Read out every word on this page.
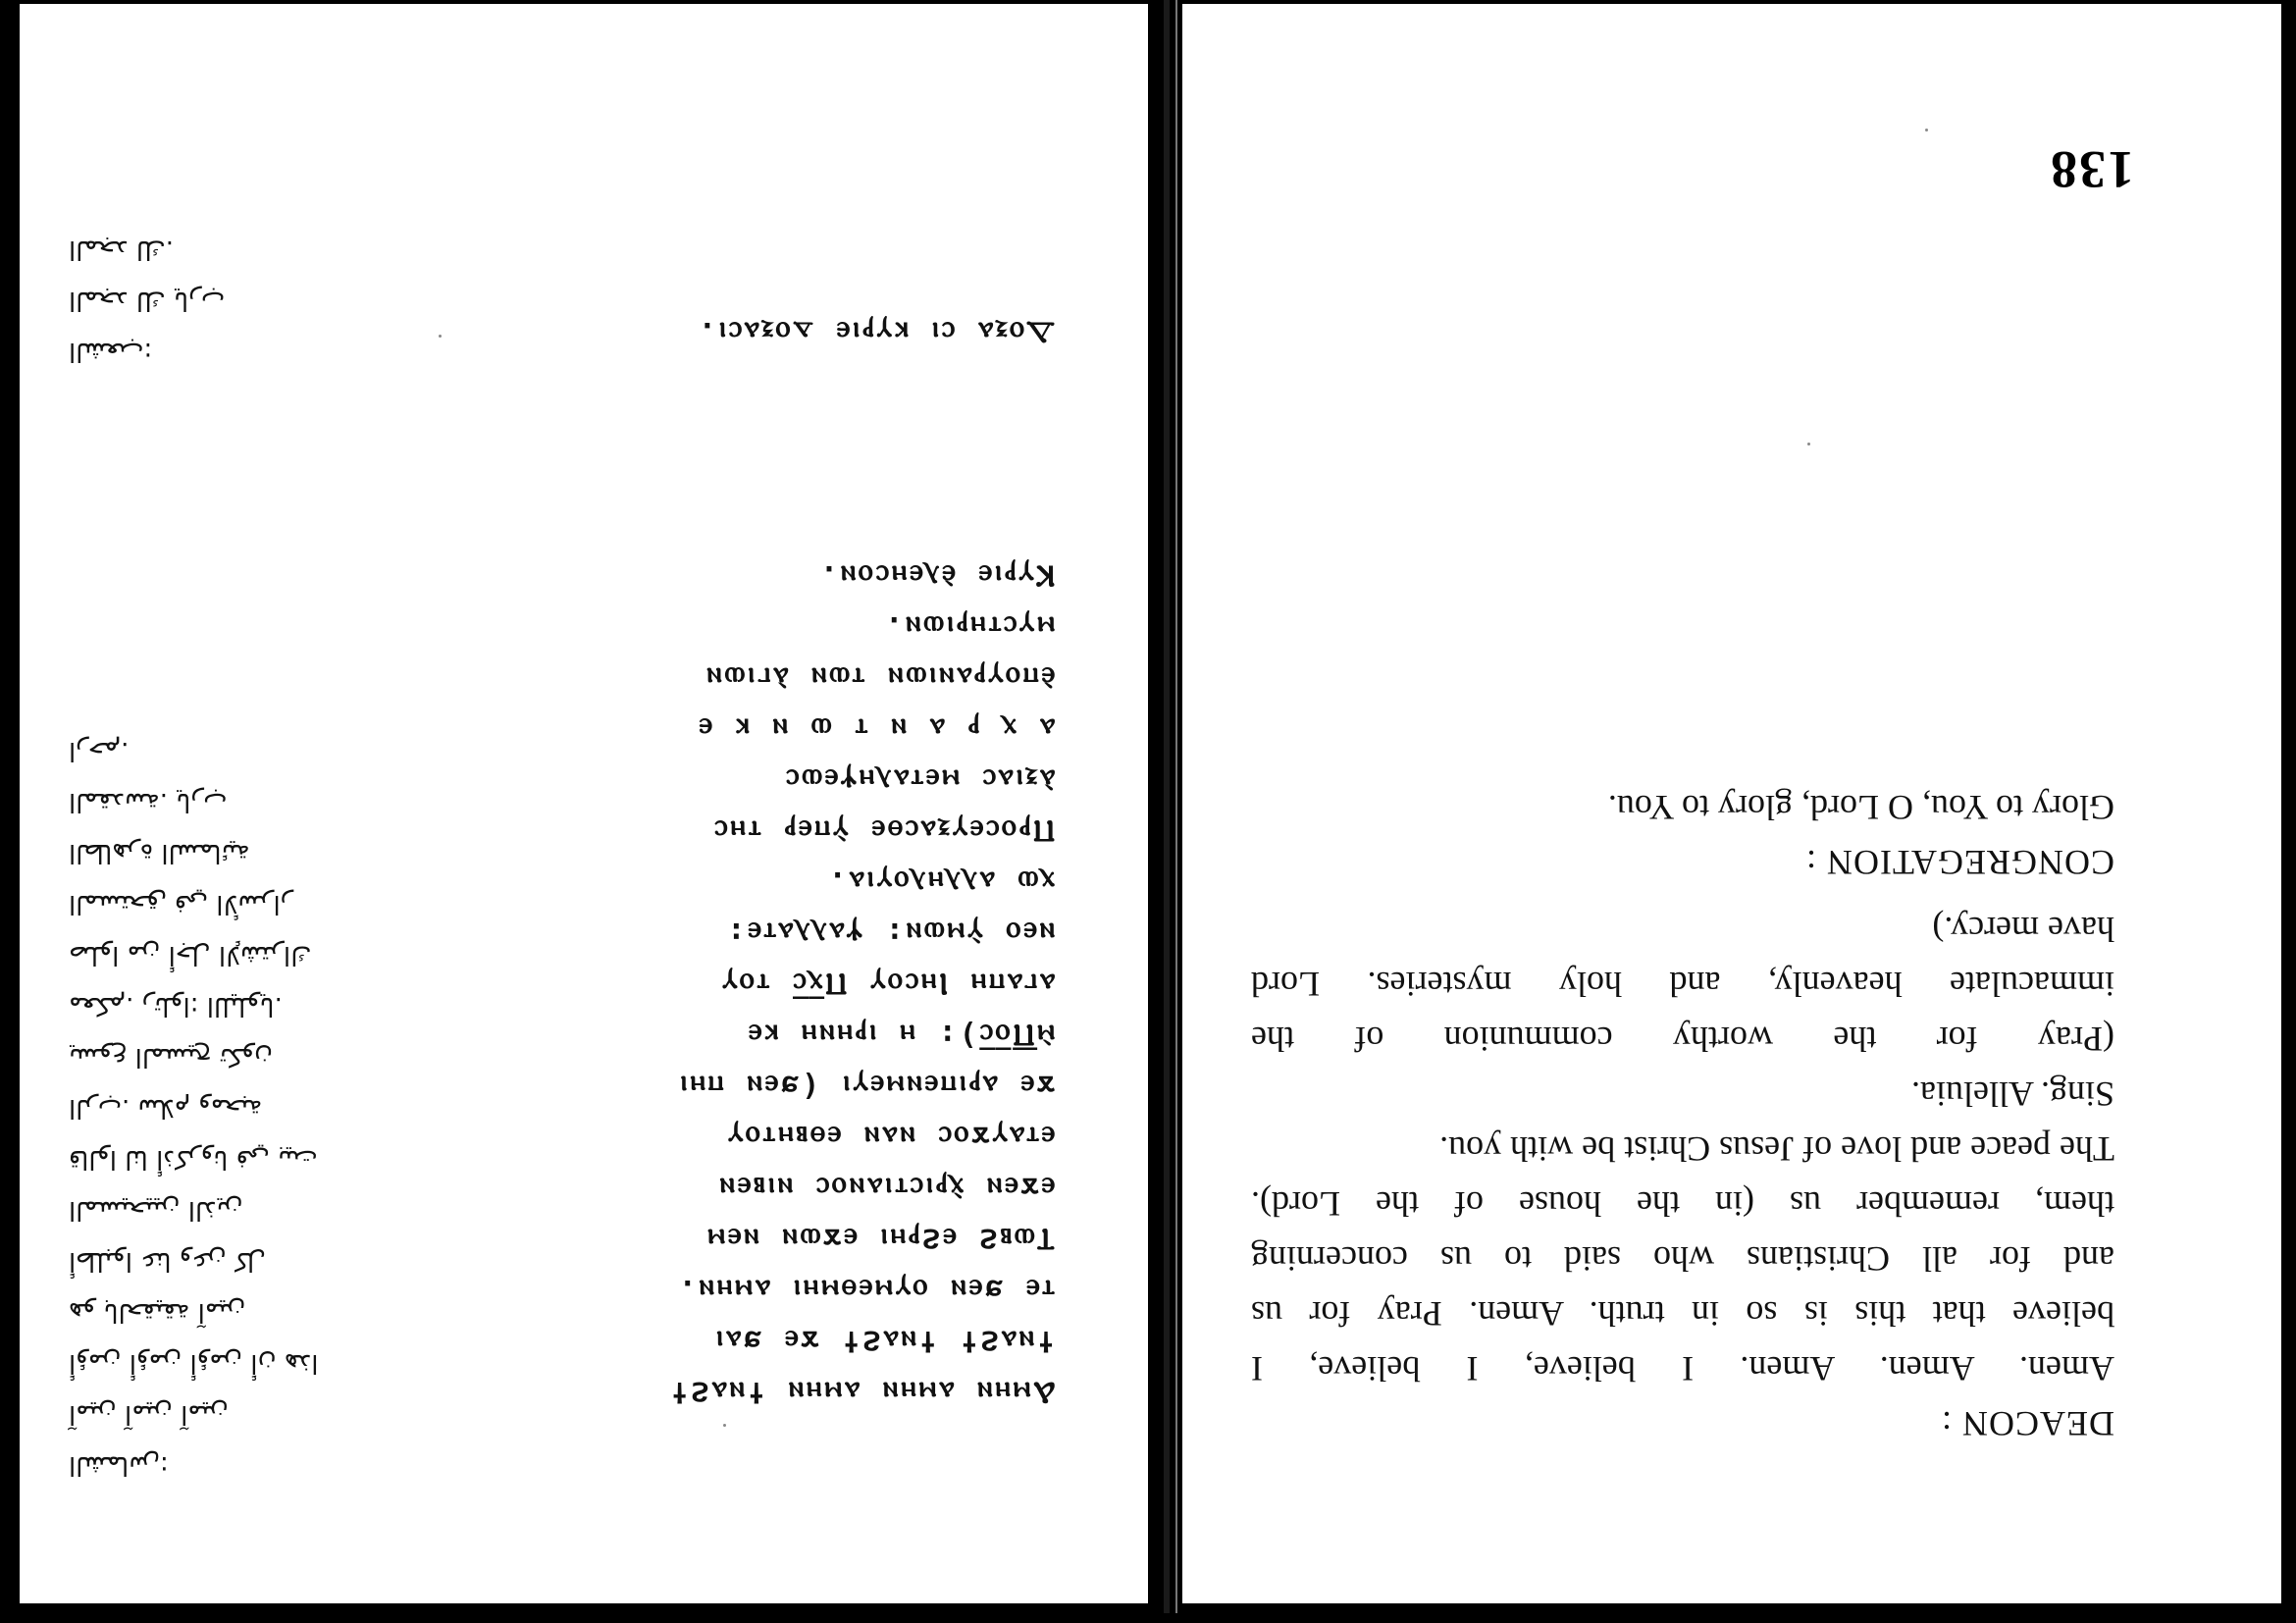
138
DEACON :
Amen. Amen. Amen. I believe, I believe, I
believe that this is so in truth. Amen. Pray for us
and for all Christians who said to us concerning
them, remember us (in the house of the Lord).
The peace and love of Jesus Christ be with you.
Sing. Alleluia.
(Pray for the worthy communion of the
immaculate heavenly, and holy mysteries. Lord
have mercy.)
CONGREGATION :
Glory to You, O Lord, glory to You.
Ⲁⲙⲏⲛ ⲁⲙⲏⲛ ⲁⲙⲏⲛ ϯⲛⲁϩϯ
ϯⲛⲁϩϯ ϯⲛⲁϩϯ ϫⲉ ϧⲁⲓ
ⲧⲉ ϧⲉⲛ ⲟⲩⲙⲉⲑⲙⲏⲓ ⲁⲙⲏⲛ.
Ⲧⲱⲃϩ ⲉϩⲣⲏⲓ ⲉϫⲱⲛ ⲛⲉⲙ
ⲉϫⲉⲛ ⲭ̀ⲣⲓⲥⲧⲓⲁⲛⲟⲥ ⲛⲓⲃⲉⲛ
ⲉⲧⲁⲩϫⲟⲥ ⲛⲁⲛ ⲉⲑⲃⲏⲧⲟⲩ
ϫⲉ ⲁⲣⲓⲡⲉⲛⲙⲉⲩⲓ (ϧⲉⲛ ⲡⲏⲓ
ⲙ̀Ⲡ̅ⲟ̅ⲥ̅): ⲏ ⲓⲣⲏⲛⲏ ⲕⲉ
ⲁⲅⲁⲡⲏ Ⲓⲏⲥⲟⲩ Ⲡⲭ̅ⲥ̅ ⲧⲟⲩ
ⲛⲉⲟ ⲩ̀ⲙⲱⲛ: ⲯⲁⲗⲗⲁⲧⲉ:
ⲭⲱ ⲁⲗⲗⲏⲗⲟⲩⲓⲁ.
Ⲡⲣⲟⲥⲉⲩⲝⲁⲥⲑⲉ ⲩ̀ⲡⲉⲣ ⲧⲏⲥ
ⲁ̀ⲝⲓⲁⲥ ⲙⲉⲧⲁⲗⲏⲯⲉⲱⲥ
ⲁ ⲭ ⲣ ⲁ ⲛ ⲧ ⲱ ⲛ ⲕ ⲉ
ⲉ̀ⲡⲟⲩⲣⲁⲛⲓⲱⲛ ⲧⲱⲛ ⲁ̀ⲅⲓⲱⲛ
ⲙⲩⲥⲧⲏⲣⲓⲱⲛ.
Ⲕⲩⲣⲓⲉ ⲉ̀ⲗⲉⲏⲥⲟⲛ.
Ⲇⲟⲝⲁ ⲥⲓ ⲕⲩⲣⲓⲉ ⲇⲟⲝⲁⲥⲓ.
الشماس:
آمين آمين آمين
أؤمن أؤمن أؤمن أن هذا
هو بالحقيقة آمين
أطلبوا عنا وعن كل
المسيحيين الذين
قالوا لنا أذكرونا في بيت
الرب. سلام ومحبة
يسوع المسيح تكون
معكم. رتلوا: الليلويا.
صلوا من أجل الإشتراك
المستحق في الأسرار
الطاهرة السمائية
المقدسة. يارب
ارحم.
الشعب:
المجد لك يارب
المجد لك.
